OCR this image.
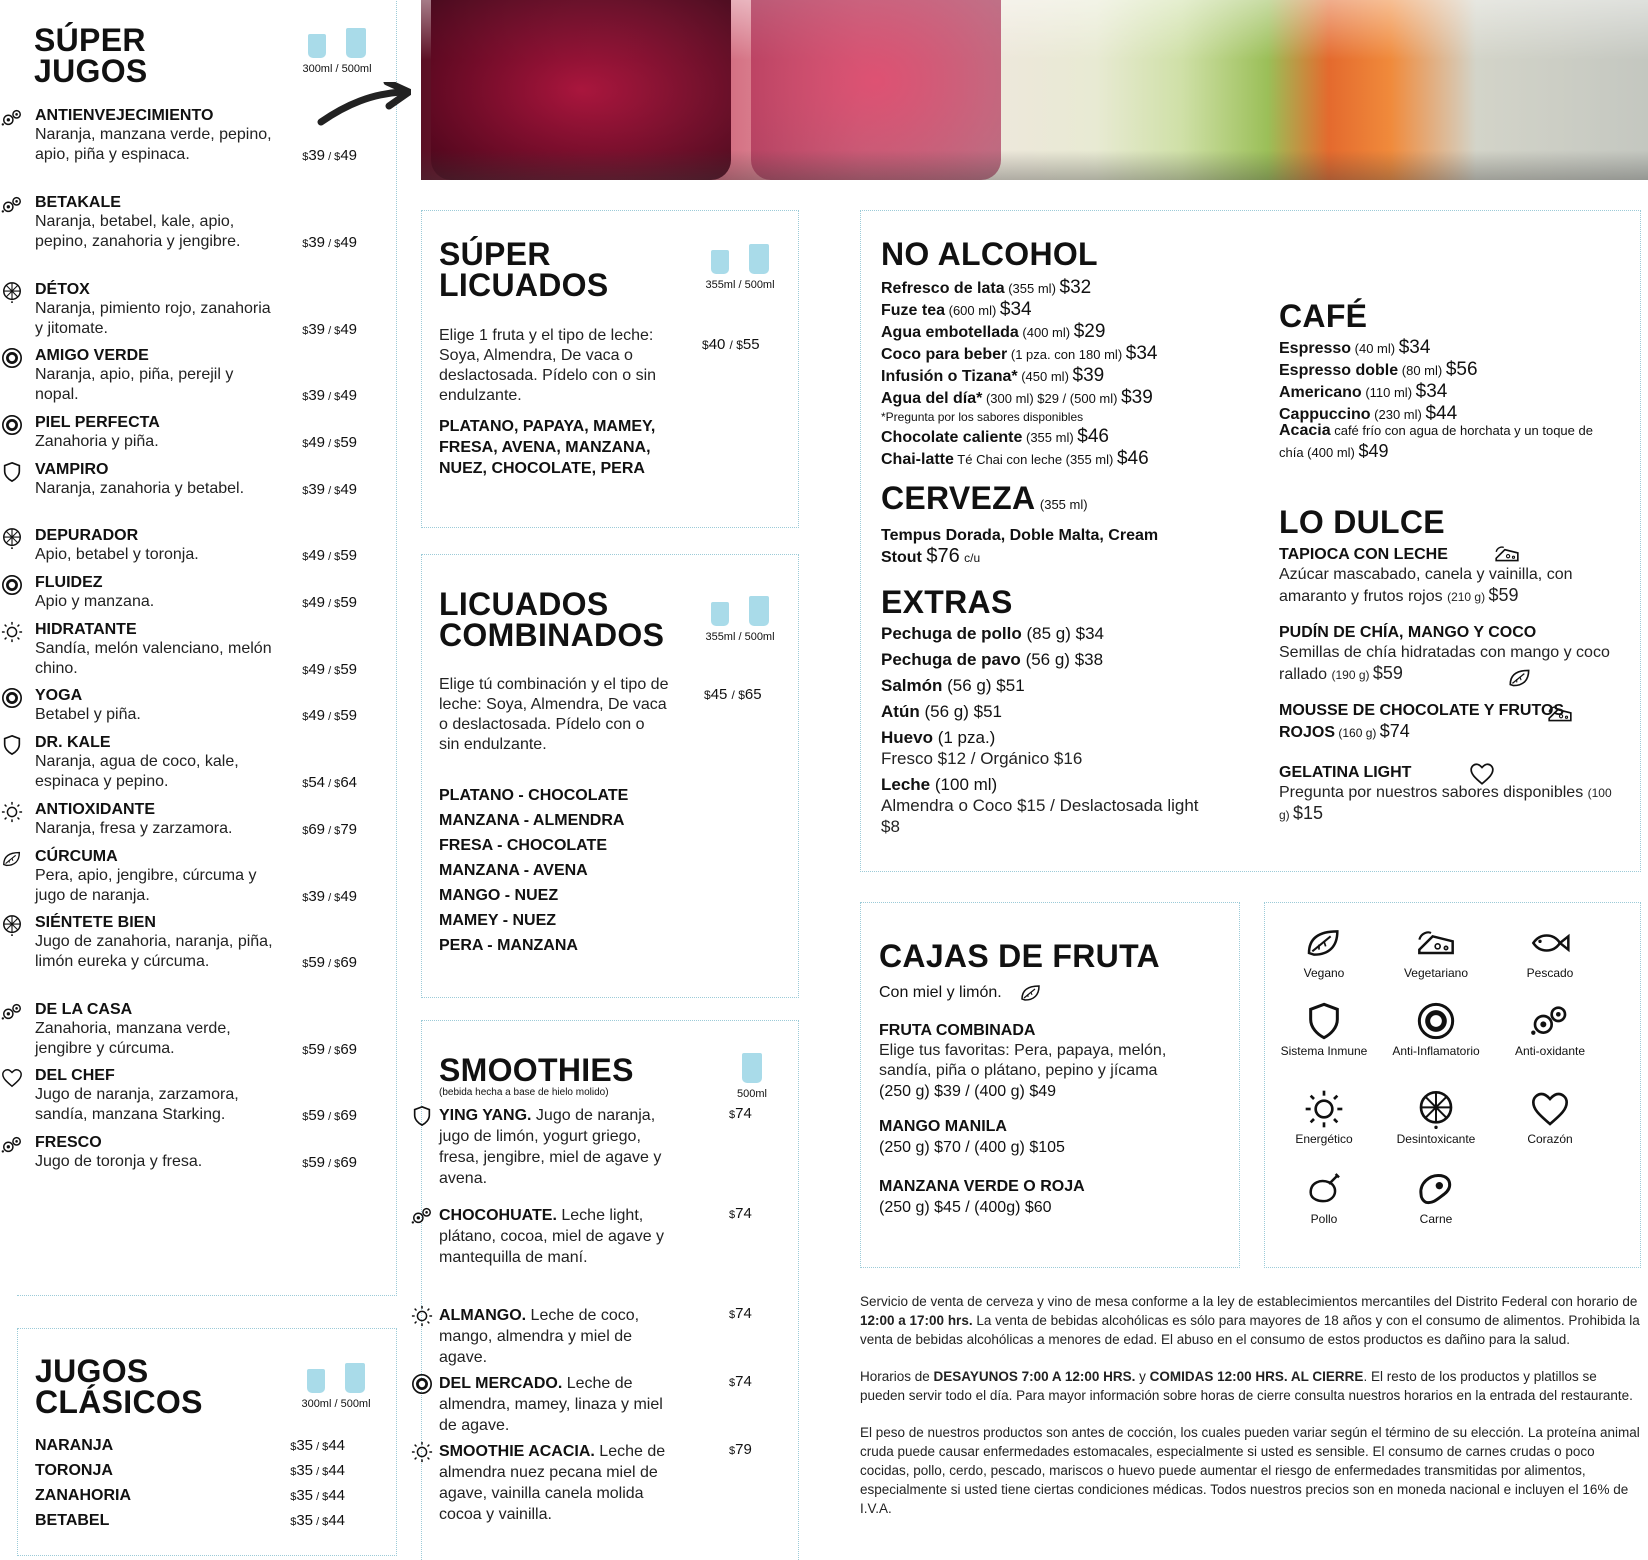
SÚPER
JUGOS	300ml / 500ml
ANTIENVEJECIMIENTO
Naranja, manzana verde, pepino, apio, piña y espinaca.	$39 / $49
BETAKALE
Naranja, betabel, kale, apio, pepino, zanahoria y jengibre.	$39 / $49
DÉTOX
Naranja, pimiento rojo, zanahoria y jitomate.	$39 / $49
AMIGO VERDE
Naranja, apio, piña, perejil y nopal.	$39 / $49
PIEL PERFECTA
Zanahoria y piña.	$49 / $59
VAMPIRO
Naranja, zanahoria y betabel.	$39 / $49
DEPURADOR
Apio, betabel y toronja.	$49 / $59
FLUIDEZ
Apio y manzana.	$49 / $59
HIDRATANTE
Sandía, melón valenciano, melón chino.	$49 / $59
YOGA
Betabel y piña.	$49 / $59
DR. KALE
Naranja, agua de coco, kale, espinaca y pepino.	$54 / $64
ANTIOXIDANTE
Naranja, fresa y zarzamora.	$69 / $79
CÚRCUMA
Pera, apio, jengibre, cúrcuma y jugo de naranja.	$39 / $49
SIÉNTETE BIEN
Jugo de zanahoria, naranja, piña, limón eureka y cúrcuma.	$59 / $69
DE LA CASA
Zanahoria, manzana verde, jengibre y cúrcuma.	$59 / $69
DEL CHEF
Jugo de naranja, zarzamora, sandía, manzana Starking.	$59 / $69
FRESCO
Jugo de toronja y fresa.	$59 / $69
JUGOS
CLÁSICOS	300ml / 500ml
NARANJA	$35 / $44
TORONJA	$35 / $44
ZANAHORIA	$35 / $44
BETABEL	$35 / $44
SÚPER
LICUADOS	355ml / 500ml
Elige 1 fruta y el tipo de leche: Soya, Almendra, De vaca o deslactosada. Pídelo con o sin endulzante.
$40 / $55
PLATANO, PAPAYA, MAMEY, FRESA, AVENA, MANZANA, NUEZ, CHOCOLATE, PERA
LICUADOS
COMBINADOS	355ml / 500ml
Elige tú combinación y el tipo de leche: Soya, Almendra, De vaca o deslactosada. Pídelo con o sin endulzante.
$45 / $65
PLATANO - CHOCOLATE
MANZANA - ALMENDRA
FRESA - CHOCOLATE
MANZANA - AVENA
MANGO - NUEZ
MAMEY - NUEZ
PERA - MANZANA
SMOOTHIES
(bebida hecha a base de hielo molido)	500ml
YING YANG. Jugo de naranja, jugo de limón, yogurt griego, fresa, jengibre, miel de agave y avena.
$74
CHOCOHUATE. Leche light, plátano, cocoa, miel de agave y mantequilla de maní.
$74
ALMANGO. Leche de coco, mango, almendra y miel de agave.
$74
DEL MERCADO. Leche de almendra, mamey, linaza y miel de agave.
$74
SMOOTHIE ACACIA. Leche de almendra nuez pecana miel de agave, vainilla canela molida cocoa y vainilla.
$79
NO ALCOHOL
Refresco de lata (355 ml) $32
Fuze tea (600 ml) $34
Agua embotellada (400 ml) $29
Coco para beber (1 pza. con 180 ml) $34
Infusión o Tizana* (450 ml) $39
Agua del día* (300 ml) $29 / (500 ml) $39
*Pregunta por los sabores disponibles
Chocolate caliente (355 ml) $46
Chai-latte Té Chai con leche (355 ml) $46
CERVEZA (355 ml)
Tempus Dorada, Doble Malta, Cream Stout $76 c/u
EXTRAS
Pechuga de pollo (85 g) $34
Pechuga de pavo (56 g) $38
Salmón (56 g) $51
Atún (56 g) $51
Huevo (1 pza.)
Fresco $12 / Orgánico $16
Leche (100 ml)
Almendra o Coco $15 / Deslactosada light $8
CAFÉ
Espresso (40 ml) $34
Espresso doble (80 ml) $56
Americano (110 ml) $34
Cappuccino (230 ml) $44
Acacia café frío con agua de horchata y un toque de chía (400 ml) $49
LO DULCE
TAPIOCA CON LECHE
Azúcar mascabado, canela y vainilla, con amaranto y frutos rojos (210 g) $59
PUDÍN DE CHÍA, MANGO Y COCO
Semillas de chía hidratadas con mango y coco rallado (190 g) $59
MOUSSE DE CHOCOLATE Y FRUTOS ROJOS (160 g) $74
GELATINA LIGHT
Pregunta por nuestros sabores disponibles (100 g) $15
CAJAS DE FRUTA
Con miel y limón.
FRUTA COMBINADA
Elige tus favoritas: Pera, papaya, melón, sandía, piña o plátano, pepino y jícama
(250 g) $39 / (400 g) $49
MANGO MANILA
(250 g) $70 / (400 g) $105
MANZANA VERDE O ROJA
(250 g) $45 / (400g) $60
Vegano	Vegetariano	Pescado
Sistema Inmune	Anti-Inflamatorio	Anti-oxidante
Energético	Desintoxicante	Corazón
Pollo	Carne

Servicio de venta de cerveza y vino de mesa conforme a la ley de establecimientos mercantiles del Distrito Federal con horario de 12:00 a 17:00 hrs. La venta de bebidas alcohólicas es sólo para mayores de 18 años y con el consumo de alimentos. Prohibida la venta de bebidas alcohólicas a menores de edad. El abuso en el consumo de estos productos es dañino para la salud.

Horarios de DESAYUNOS 7:00 A 12:00 HRS. y COMIDAS 12:00 HRS. AL CIERRE. El resto de los productos y platillos se pueden servir todo el día. Para mayor información sobre horas de cierre consulta nuestros horarios en la entrada del restaurante.

El peso de nuestros productos son antes de cocción, los cuales pueden variar según el término de su elección. La proteína animal cruda puede causar enfermedades estomacales, especialmente si usted es sensible. El consumo de carnes crudas o poco cocidas, pollo, cerdo, pescado, mariscos o huevo puede aumentar el riesgo de enfermedades transmitidas por alimentos, especialmente si usted tiene ciertas condiciones médicas. Todos nuestros precios son en moneda nacional e incluyen el 16% de I.V.A.
